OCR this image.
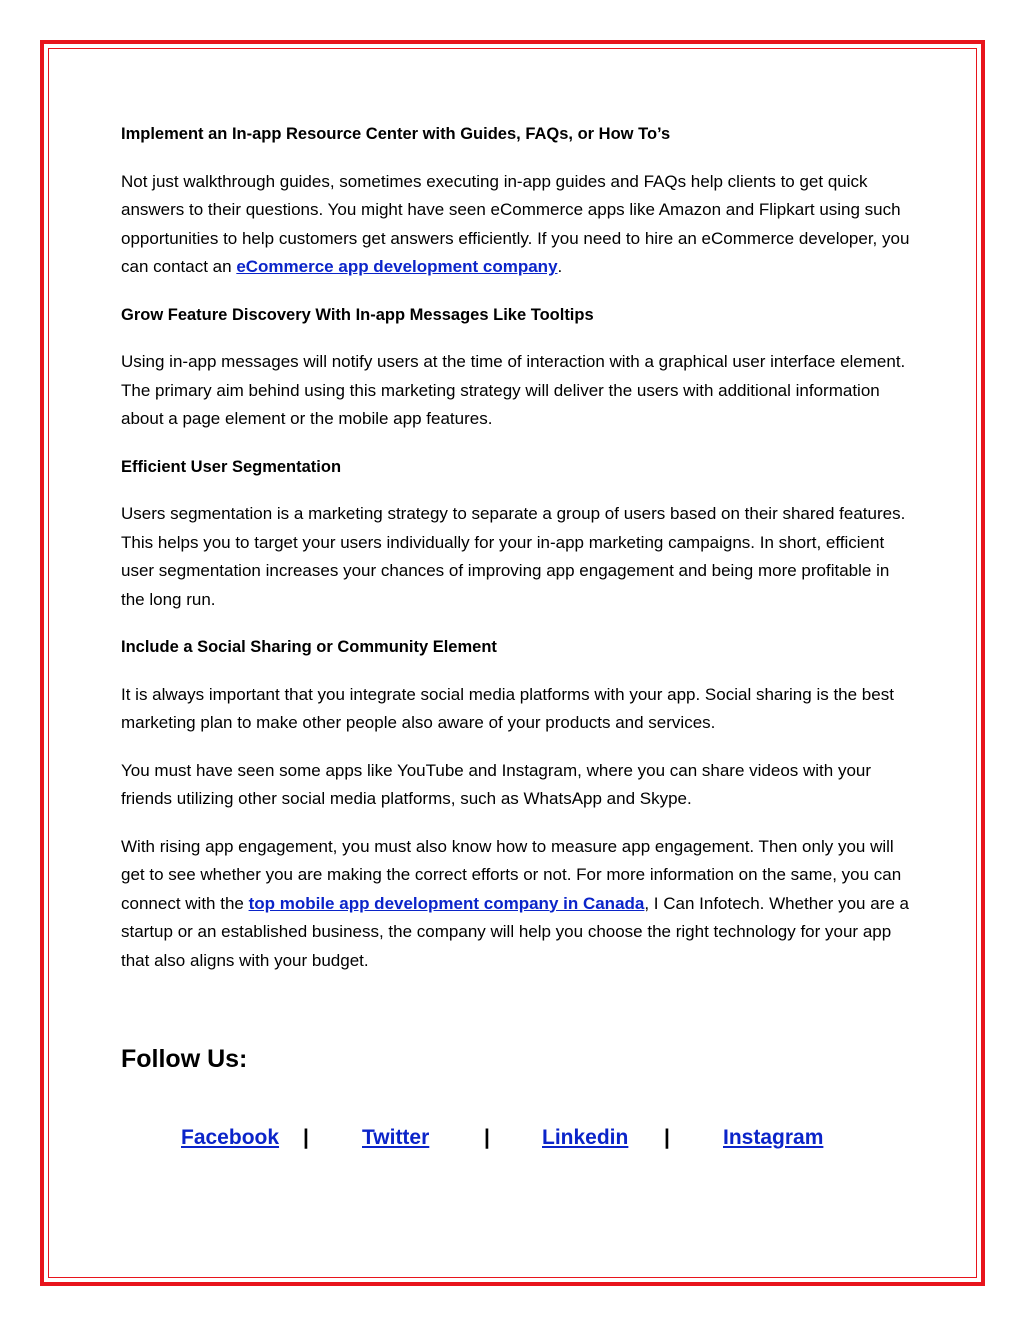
Implement an In-app Resource Center with Guides, FAQs, or How To’s

Not just walkthrough guides, sometimes executing in-app guides and FAQs help clients to get quick answers to their questions. You might have seen eCommerce apps like Amazon and Flipkart using such opportunities to help customers get answers efficiently. If you need to hire an eCommerce developer, you can contact an eCommerce app development company.

Grow Feature Discovery With In-app Messages Like Tooltips

Using in-app messages will notify users at the time of interaction with a graphical user interface element. The primary aim behind using this marketing strategy will deliver the users with additional information about a page element or the mobile app features.

Efficient User Segmentation

Users segmentation is a marketing strategy to separate a group of users based on their shared features. This helps you to target your users individually for your in-app marketing campaigns. In short, efficient user segmentation increases your chances of improving app engagement and being more profitable in the long run.

Include a Social Sharing or Community Element

It is always important that you integrate social media platforms with your app. Social sharing is the best marketing plan to make other people also aware of your products and services.

You must have seen some apps like YouTube and Instagram, where you can share videos with your friends utilizing other social media platforms, such as WhatsApp and Skype.

With rising app engagement, you must also know how to measure app engagement. Then only you will get to see whether you are making the correct efforts or not. For more information on the same, you can connect with the top mobile app development company in Canada, I Can Infotech. Whether you are a startup or an established business, the company will help you choose the right technology for your app that also aligns with your budget.

Follow Us:
Facebook |	Twitter	| Linkedin |	Instagram
